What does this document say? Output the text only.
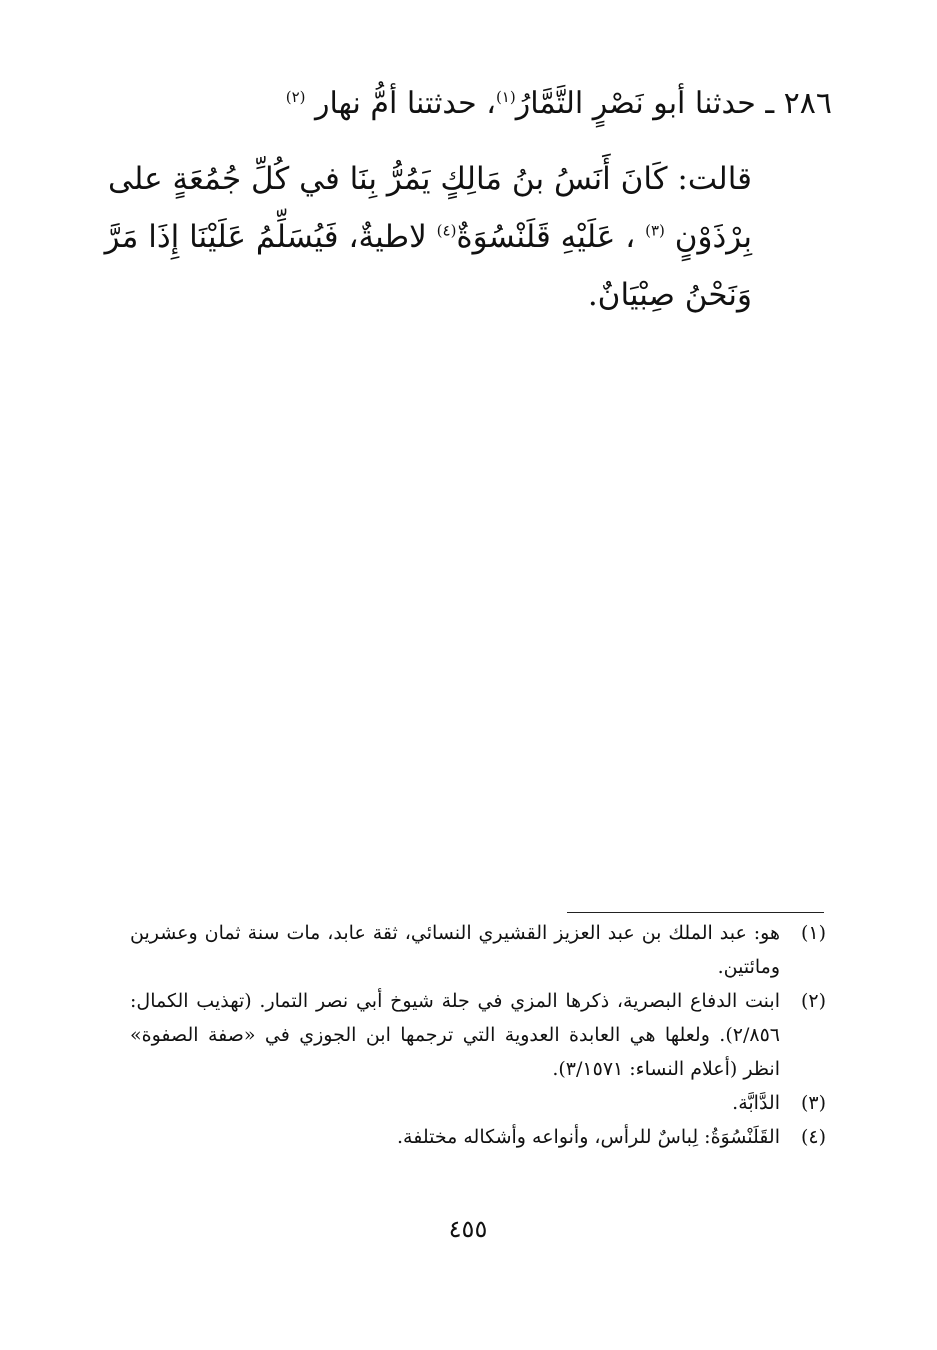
٢٨٦ ـ حدثنا أبو نَصْرٍ التَّمَّارُ$^{(١)}$، حدثتنا أمُّ نهار $^{(٢)}$
قالت: كَانَ أَنَسُ بنُ مَالِكٍ يَمُرُّ بِنَا في كُلِّ جُمُعَةٍ على
بِرْذَوْنٍ $^{(٣)}$ ، عَلَيْهِ قَلَنْسُوَةٌ$^{(٤)}$ لاطيةٌ، فَيُسَلِّمُ عَلَيْنَا إِذَا مَرَّ
وَنَحْنُ صِبْيَانٌ.
(١)
هو: عبد الملك بن عبد العزيز القشيري النسائي، ثقة عابد، مات سنة ثمان وعشرين ومائتين.
(٢)
ابنت الدفاع البصرية، ذكرها المزي في جلة شيوخ أبي نصر التمار. (تهذيب الكمال: ٢/٨٥٦). ولعلها هي العابدة العدوية التي ترجمها ابن الجوزي في «صفة الصفوة» انظر (أعلام النساء: ٣/١٥٧١).
(٣)
الدَّابَّة.
(٤)
القَلَنْسُوَةُ: لِباسٌ للرأس، وأنواعه وأشكاله مختلفة.
٤٥٥
